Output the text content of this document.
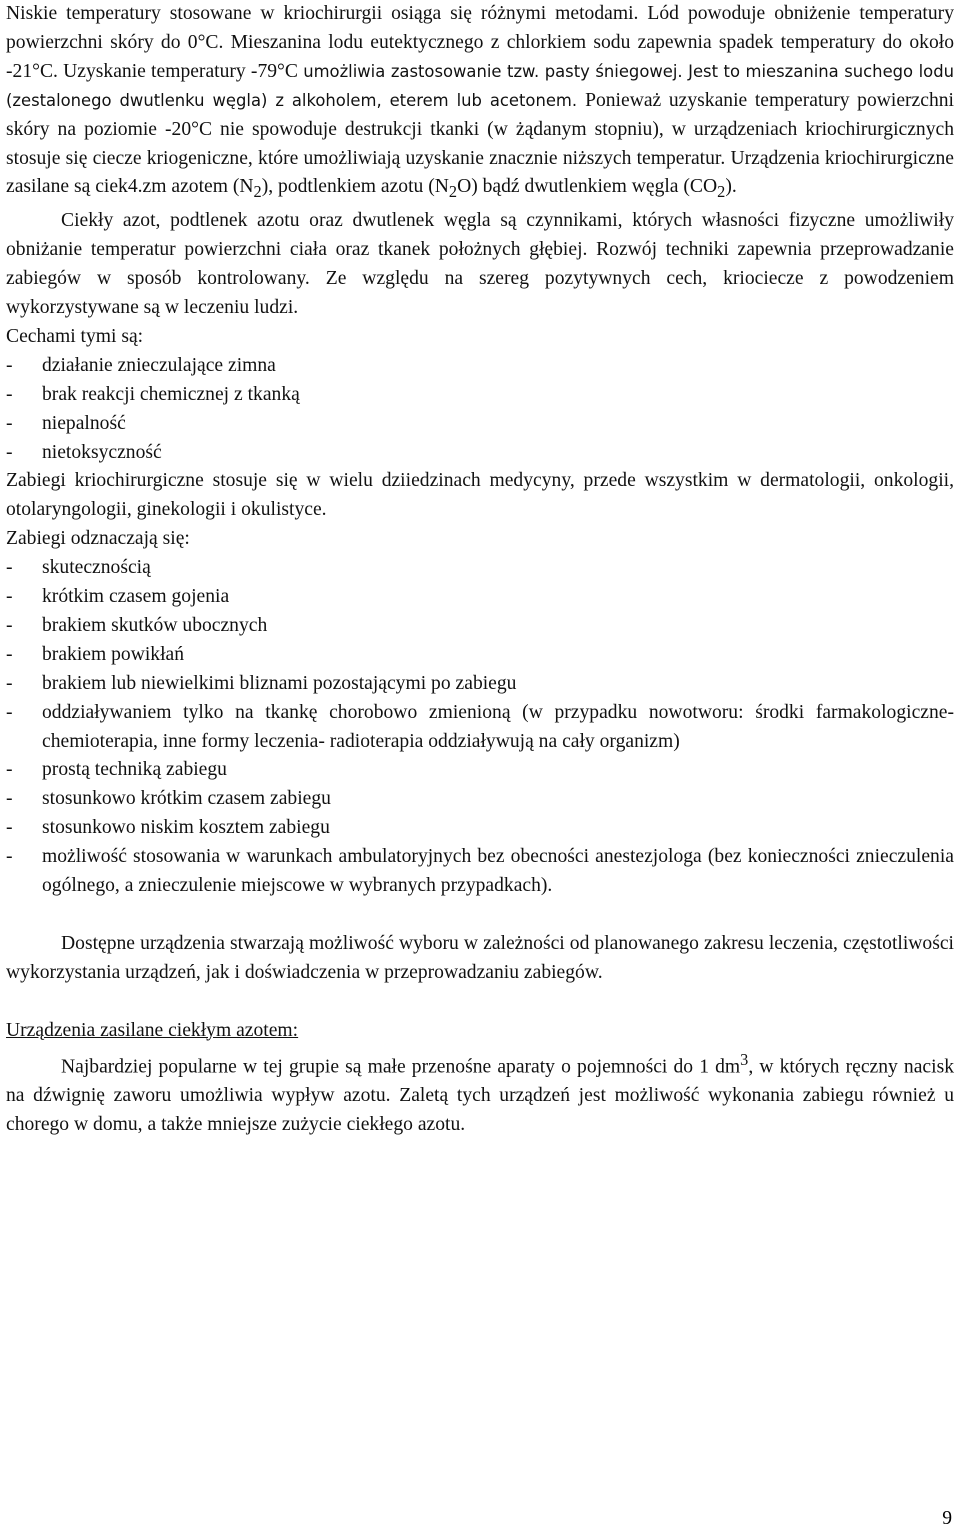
Niskie temperatury stosowane w kriochirurgii osiąga się różnymi metodami. Lód powoduje obniżenie temperatury powierzchni skóry do 0°C. Mieszanina lodu eutektycznego z chlorkiem sodu zapewnia spadek temperatury do około -21°C. Uzyskanie temperatury -79°C umożliwia zastosowanie tzw. pasty śniegowej. Jest to mieszanina suchego lodu (zestalonego dwutlenku węgla) z alkoholem, eterem lub acetonem. Ponieważ uzyskanie temperatury powierzchni skóry na poziomie -20°C nie spowoduje destrukcji tkanki (w żądanym stopniu), w urządzeniach kriochirurgicznych stosuje się ciecze kriogeniczne, które umożliwiają uzyskanie znacznie niższych temperatur. Urządzenia kriochirurgiczne zasilane są ciek4.zm azotem $(N_2)$, podtlenkiem azotu $(N_2O)$ bądź dwutlenkiem węgla $(CO_2)$.

Ciekły azot, podtlenek azotu oraz dwutlenek węgla są czynnikami, których własności fizyczne umożliwiły obniżanie temperatur powierzchni ciała oraz tkanek położnych głębiej. Rozwój techniki zapewnia przeprowadzanie zabiegów w sposób kontrolowany. Ze względu na szereg pozytywnych cech, kriociecze z powodzeniem wykorzystywane są w leczeniu ludzi.

Cechami tymi są:

- działanie znieczulające zimna
- brak reakcji chemicznej z tkanką
- niepalność
- nietoksyczność

Zabiegi kriochirurgiczne stosuje się w wielu dziiedzinach medycyny, przede wszystkim w dermatologii, onkologii, otolaryngologii, ginekologii i okulistyce.

Zabiegi odznaczają się:

- skutecznością
- krótkim czasem gojenia
- brakiem skutków ubocznych
- brakiem powikłań
- brakiem lub niewielkimi bliznami pozostającymi po zabiegu
- oddziaływaniem tylko na tkankę chorobowo zmienioną (w przypadku nowotworu: środki farmakologiczne- chemioterapia, inne formy leczenia- radioterapia oddziaływują na cały organizm)
- prostą techniką zabiegu
- stosunkowo krótkim czasem zabiegu
- stosunkowo niskim kosztem zabiegu
- możliwość stosowania w warunkach ambulatoryjnych bez obecności anestezjologa (bez konieczności znieczulenia ogólnego, a znieczulenie miejscowe w wybranych przypadkach).

Dostępne urządzenia stwarzają możliwość wyboru w zależności od planowanego zakresu leczenia, częstotliwości wykorzystania urządzeń, jak i doświadczenia w przeprowadzaniu zabiegów.

Urządzenia zasilane ciekłym azotem:

Najbardziej popularne w tej grupie są małe przenośne aparaty o pojemności do 1 $dm^3$, w których ręczny nacisk na dźwignię zaworu umożliwia wypływ azotu. Zaletą tych urządzeń jest możliwość wykonania zabiegu również u chorego w domu, a także mniejsze zużycie ciekłego azotu.

9
